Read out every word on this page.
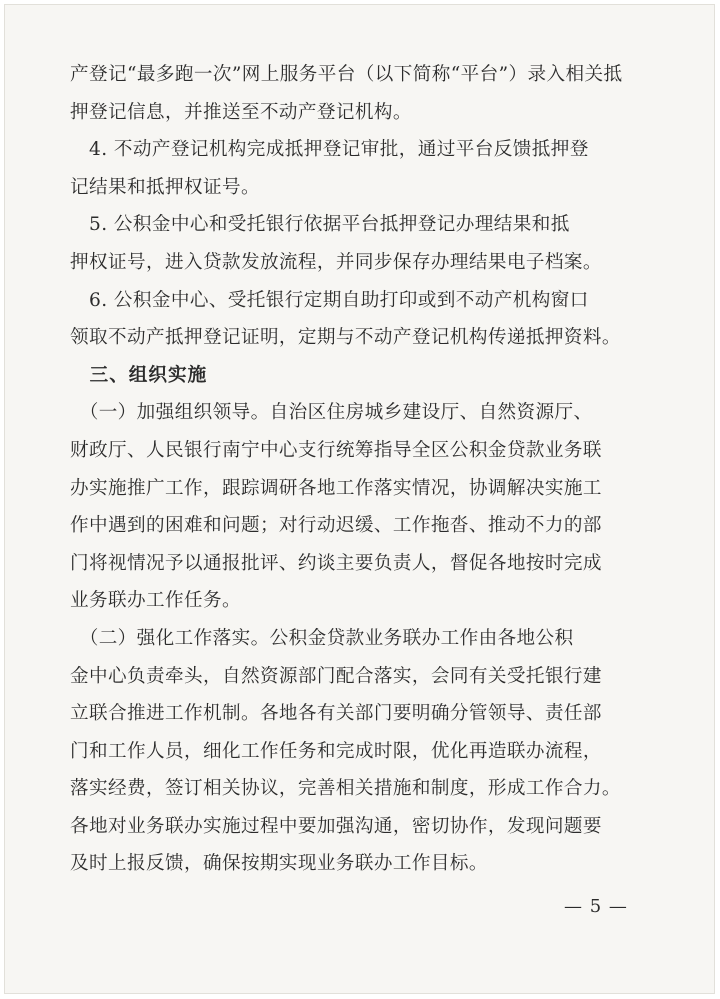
产登记“最多跑一次”网上服务平台（以下简称“平台”）录入相关抵
押登记信息，并推送至不动产登记机构。
　4. 不动产登记机构完成抵押登记审批，通过平台反馈抵押登
记结果和抵押权证号。
　5. 公积金中心和受托银行依据平台抵押登记办理结果和抵
押权证号，进入贷款发放流程，并同步保存办理结果电子档案。
　6. 公积金中心、受托银行定期自助打印或到不动产机构窗口
领取不动产抵押登记证明，定期与不动产登记机构传递抵押资料。
　三、组织实施
　（一）加强组织领导。自治区住房城乡建设厅、自然资源厅、
财政厅、人民银行南宁中心支行统筹指导全区公积金贷款业务联
办实施推广工作，跟踪调研各地工作落实情况，协调解决实施工
作中遇到的困难和问题；对行动迟缓、工作拖沓、推动不力的部
门将视情况予以通报批评、约谈主要负责人，督促各地按时完成
业务联办工作任务。
　（二）强化工作落实。公积金贷款业务联办工作由各地公积
金中心负责牵头，自然资源部门配合落实，会同有关受托银行建
立联合推进工作机制。各地各有关部门要明确分管领导、责任部
门和工作人员，细化工作任务和完成时限，优化再造联办流程，
落实经费，签订相关协议，完善相关措施和制度，形成工作合力。
各地对业务联办实施过程中要加强沟通，密切协作，发现问题要
及时上报反馈，确保按期实现业务联办工作目标。
— 5 —
